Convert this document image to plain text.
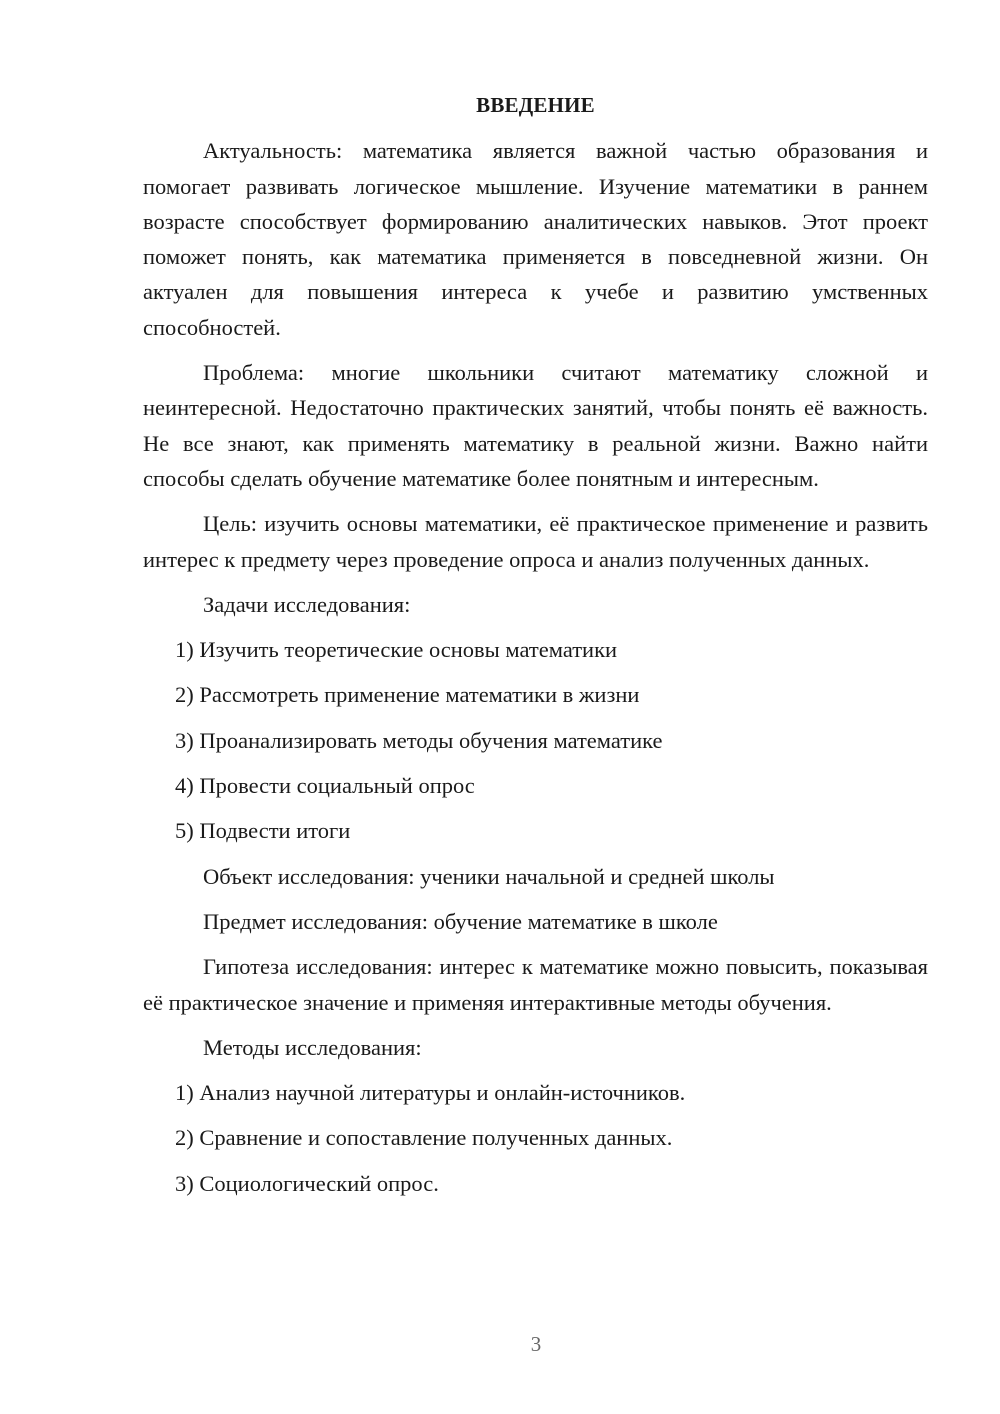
ВВЕДЕНИЕ

Актуальность: математика является важной частью образования и помогает развивать логическое мышление. Изучение математики в раннем возрасте способствует формированию аналитических навыков. Этот проект поможет понять, как математика применяется в повседневной жизни. Он актуален для повышения интереса к учебе и развитию умственных способностей.

Проблема: многие школьники считают математику сложной и неинтересной. Недостаточно практических занятий, чтобы понять её важность. Не все знают, как применять математику в реальной жизни. Важно найти способы сделать обучение математике более понятным и интересным.

Цель: изучить основы математики, её практическое применение и развить интерес к предмету через проведение опроса и анализ полученных данных.

Задачи исследования:
1) Изучить теоретические основы математики
2) Рассмотреть применение математики в жизни
3) Проанализировать методы обучения математике
4) Провести социальный опрос
5) Подвести итоги
Объект исследования: ученики начальной и средней школы
Предмет исследования: обучение математике в школе

Гипотеза исследования: интерес к математике можно повысить, показывая её практическое значение и применяя интерактивные методы обучения.

Методы исследования:
1) Анализ научной литературы и онлайн-источников.
2) Сравнение и сопоставление полученных данных.
3) Социологический опрос.
3
